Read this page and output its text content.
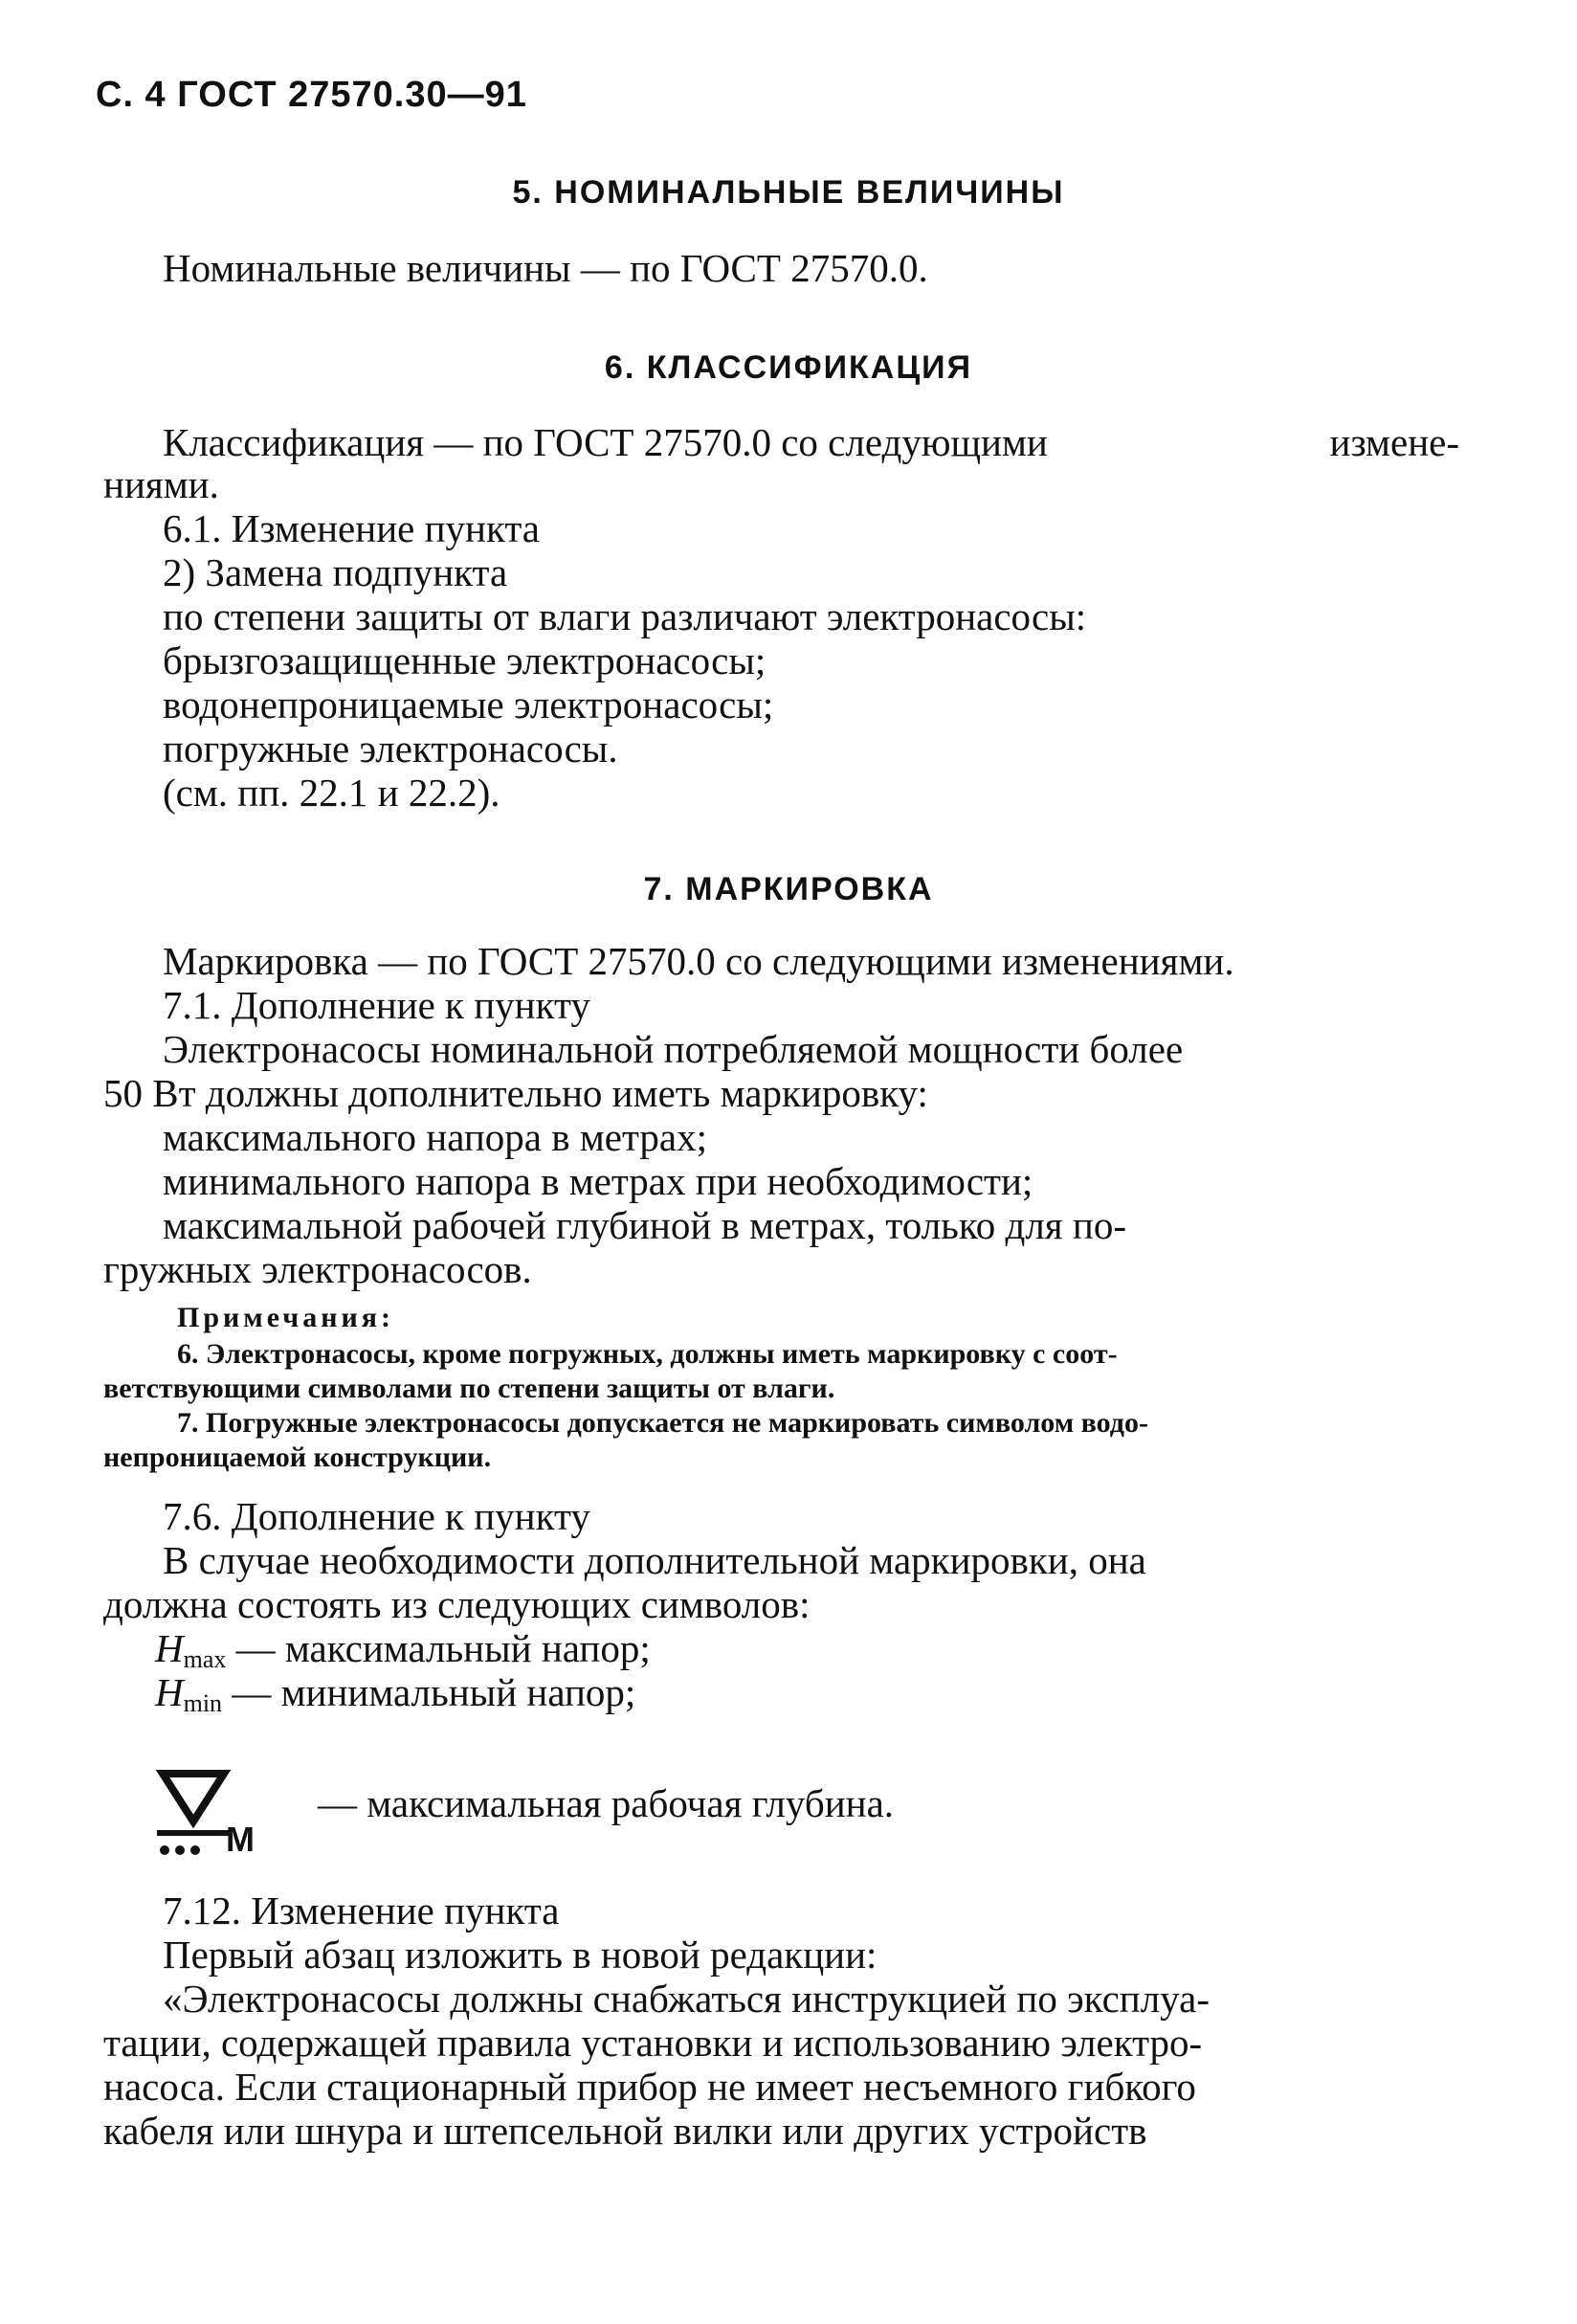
С. 4 ГОСТ 27570.30—91
5. НОМИНАЛЬНЫЕ ВЕЛИЧИНЫ
Номинальные величины — по ГОСТ 27570.0.
6. КЛАССИФИКАЦИЯ
Классификация — по ГОСТ 27570.0 со следующими	измене-
ниями.
6.1. Изменение пункта
2) Замена подпункта
по степени защиты от влаги различают электронасосы:
брызгозащищенные электронасосы;
водонепроницаемые электронасосы;
погружные электронасосы.
(см. пп. 22.1 и 22.2).
7. МАРКИРОВКА
Маркировка — по ГОСТ 27570.0 со следующими изменениями.
7.1. Дополнение к пункту
Электронасосы номинальной потребляемой мощности более
50 Вт должны дополнительно иметь маркировку:
максимального напора в метрах;
минимального напора в метрах при необходимости;
максимальной рабочей глубиной в метрах, только для по-
гружных электронасосов.
Примечания:
6. Электронасосы, кроме погружных, должны иметь маркировку с соот-
ветствующими символами по степени защиты от влаги.
7. Погружные электронасосы допускается не маркировать символом водо-
непроницаемой конструкции.
7.6. Дополнение к пункту
В случае необходимости дополнительной маркировки, она
должна состоять из следующих символов:
$H_{max}$ — максимальный напор;
$H_{min}$ — минимальный напор;
M
— максимальная рабочая глубина.
7.12. Изменение пункта
Первый абзац изложить в новой редакции:
«Электронасосы должны снабжаться инструкцией по эксплуа-
тации, содержащей правила установки и использованию электро-
насоса. Если стационарный прибор не имеет несъемного гибкого
кабеля или шнура и штепсельной вилки или других устройств
